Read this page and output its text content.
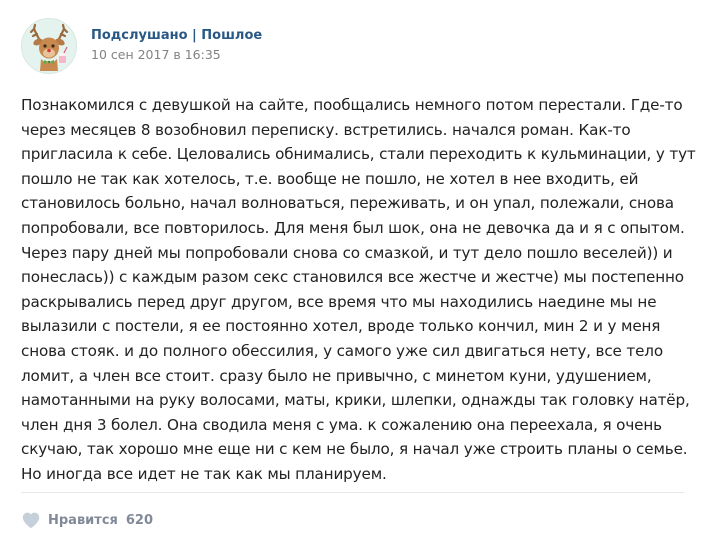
Подслушано | Пошлое
10 сен 2017 в 16:35
Познакомился с девушкой на сайте, пообщались немного потом перестали. Где-то
через месяцев 8 возобновил переписку. встретились. начался роман. Как-то
пригласила к себе. Целовались обнимались, стали переходить к кульминации, у тут
пошло не так как хотелось, т.е. вообще не пошло, не хотел в нее входить, ей
становилось больно, начал волноваться, переживать, и он упал, полежали, снова
попробовали, все повторилось. Для меня был шок, она не девочка да и я с опытом.
Через пару дней мы попробовали снова со смазкой, и тут дело пошло веселей)) и
понеслась)) с каждым разом секс становился все жестче и жестче) мы постепенно
раскрывались перед друг другом, все время что мы находились наедине мы не
вылазили с постели, я ее постоянно хотел, вроде только кончил, мин 2 и у меня
снова стояк. и до полного обессилия, у самого уже сил двигаться нету, все тело
ломит, а член все стоит. сразу было не привычно, с минетом куни, удушением,
намотанными на руку волосами, маты, крики, шлепки, однажды так головку натёр,
член дня 3 болел. Она сводила меня с ума. к сожалению она переехала, я очень
скучаю, так хорошо мне еще ни с кем не было, я начал уже строить планы о семье.
Но иногда все идет не так как мы планируем.
Нравится 620
